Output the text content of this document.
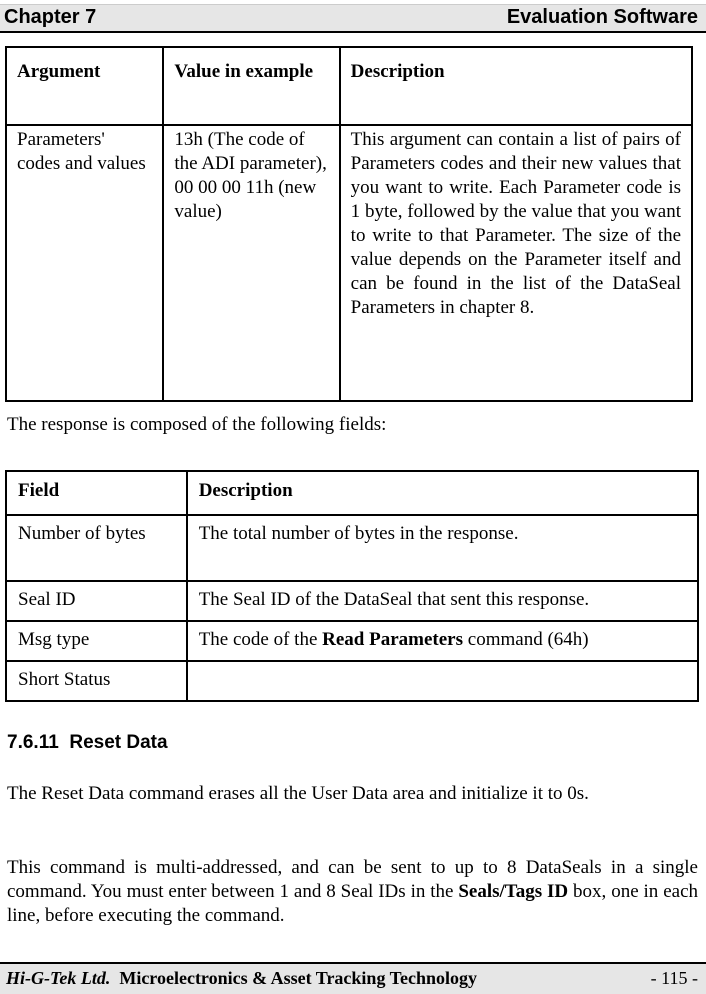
Chapter 7	Evaluation Software
Argument	Value in example	Description
Parameters' codes and values	13h (The code of the ADI parameter), 00 00 00 11h (new value)	This argument can contain a list of pairs of Parameters codes and their new values that you want to write. Each Parameter code is 1 byte, followed by the value that you want to write to that Parameter. The size of the value depends on the Parameter itself and can be found in the list of the DataSeal Parameters in chapter 8.
The response is composed of the following fields:
Field	Description
Number of bytes	The total number of bytes in the response.
Seal ID	The Seal ID of the DataSeal that sent this response.
Msg type	The code of the Read Parameters command (64h)
Short Status	
7.6.11 Reset Data
The Reset Data command erases all the User Data area and initialize it to 0s.
This command is multi-addressed, and can be sent to up to 8 DataSeals in a single command. You must enter between 1 and 8 Seal IDs in the Seals/Tags ID box, one in each line, before executing the command.
Hi-G-Tek Ltd. Microelectronics & Asset Tracking Technology	- 115 -
